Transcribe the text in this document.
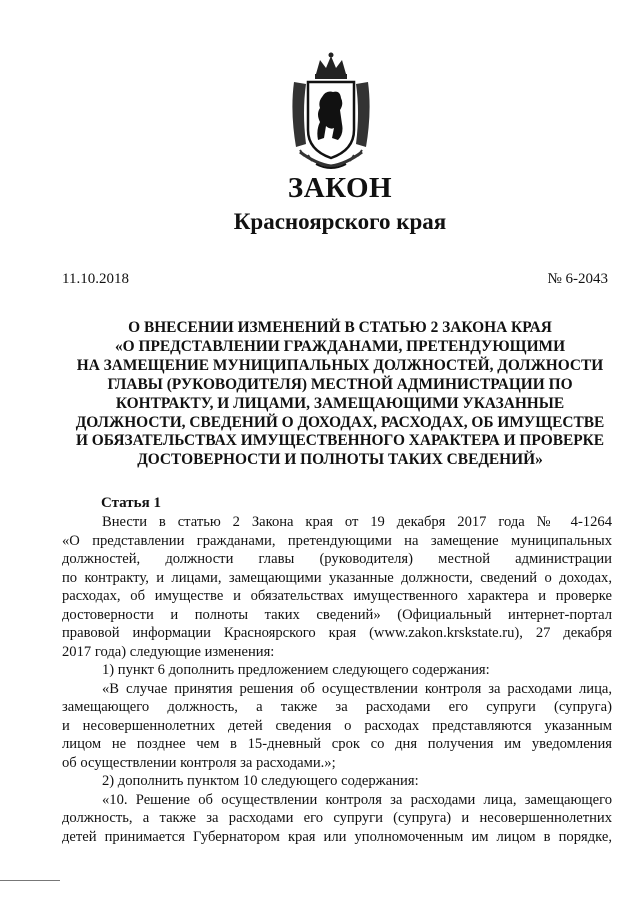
ЗАКОН
Красноярского края
11.10.2018	№ 6-2043
О ВНЕСЕНИИ ИЗМЕНЕНИЙ В СТАТЬЮ 2 ЗАКОНА КРАЯ
«О ПРЕДСТАВЛЕНИИ ГРАЖДАНАМИ, ПРЕТЕНДУЮЩИМИ
НА ЗАМЕЩЕНИЕ МУНИЦИПАЛЬНЫХ ДОЛЖНОСТЕЙ, ДОЛЖНОСТИ
ГЛАВЫ (РУКОВОДИТЕЛЯ) МЕСТНОЙ АДМИНИСТРАЦИИ ПО
КОНТРАКТУ, И ЛИЦАМИ, ЗАМЕЩАЮЩИМИ УКАЗАННЫЕ
ДОЛЖНОСТИ, СВЕДЕНИЙ О ДОХОДАХ, РАСХОДАХ, ОБ ИМУЩЕСТВЕ
И ОБЯЗАТЕЛЬСТВАХ ИМУЩЕСТВЕННОГО ХАРАКТЕРА И ПРОВЕРКЕ
ДОСТОВЕРНОСТИ И ПОЛНОТЫ ТАКИХ СВЕДЕНИЙ»
Статья 1
Внести в статью 2 Закона края от 19 декабря 2017 года № 4-1264
«О представлении гражданами, претендующими на замещение муниципальных
должностей, должности главы (руководителя) местной администрации
по контракту, и лицами, замещающими указанные должности, сведений о доходах,
расходах, об имуществе и обязательствах имущественного характера и проверке
достоверности и полноты таких сведений» (Официальный интернет-портал
правовой информации Красноярского края (www.zakon.krskstate.ru), 27 декабря
2017 года) следующие изменения:
1) пункт 6 дополнить предложением следующего содержания:
«В случае принятия решения об осуществлении контроля за расходами лица,
замещающего должность, а также за расходами его супруги (супруга)
и несовершеннолетних детей сведения о расходах представляются указанным
лицом не позднее чем в 15-дневный срок со дня получения им уведомления
об осуществлении контроля за расходами.»;
2) дополнить пунктом 10 следующего содержания:
«10. Решение об осуществлении контроля за расходами лица, замещающего
должность, а также за расходами его супруги (супруга) и несовершеннолетних
детей принимается Губернатором края или уполномоченным им лицом в порядке,
